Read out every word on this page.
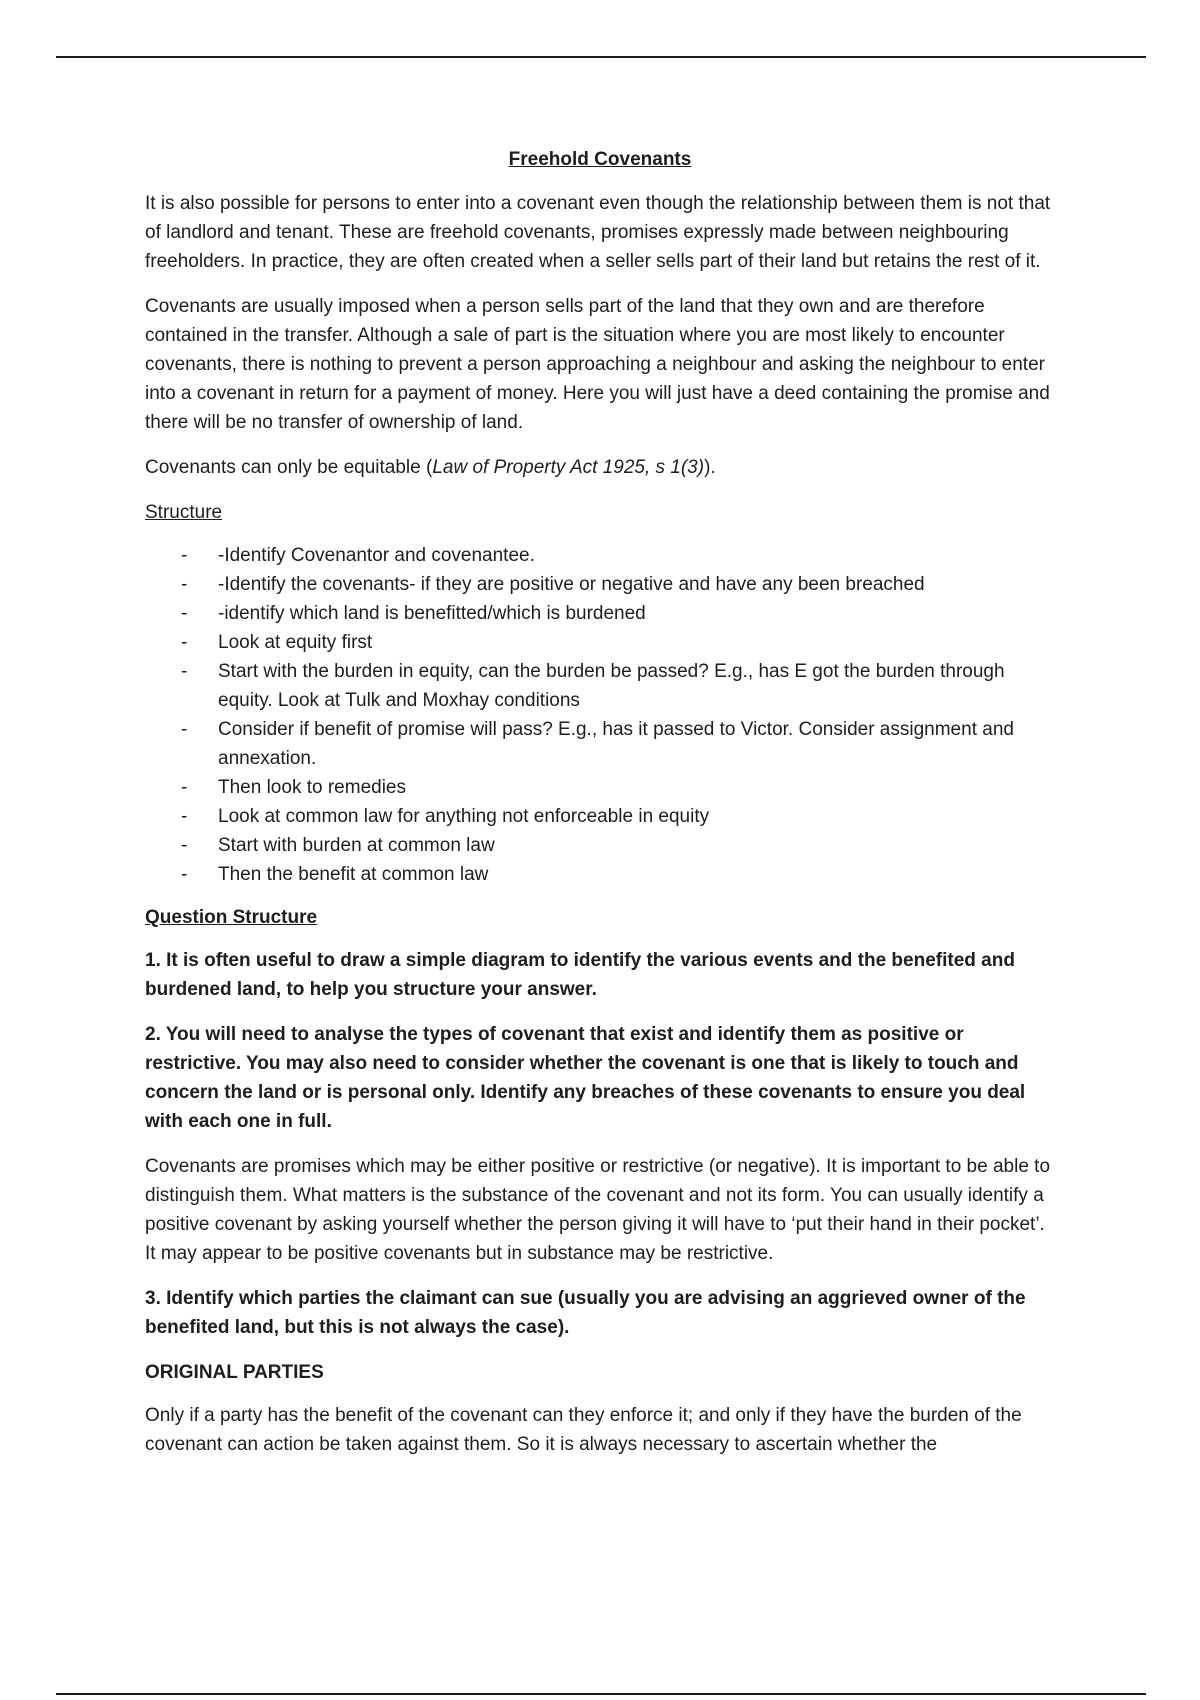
Freehold Covenants

It is also possible for persons to enter into a covenant even though the relationship between them is not that of landlord and tenant. These are freehold covenants, promises expressly made between neighbouring freeholders. In practice, they are often created when a seller sells part of their land but retains the rest of it.

Covenants are usually imposed when a person sells part of the land that they own and are therefore contained in the transfer. Although a sale of part is the situation where you are most likely to encounter covenants, there is nothing to prevent a person approaching a neighbour and asking the neighbour to enter into a covenant in return for a payment of money. Here you will just have a deed containing the promise and there will be no transfer of ownership of land.

Covenants can only be equitable (Law of Property Act 1925, s 1(3)).

Structure
- -Identify Covenantor and covenantee.
- -Identify the covenants- if they are positive or negative and have any been breached
- -identify which land is benefitted/which is burdened
- Look at equity first
- Start with the burden in equity, can the burden be passed? E.g., has E got the burden through equity. Look at Tulk and Moxhay conditions
- Consider if benefit of promise will pass? E.g., has it passed to Victor. Consider assignment and annexation.
- Then look to remedies
- Look at common law for anything not enforceable in equity
- Start with burden at common law
- Then the benefit at common law
Question Structure

1. It is often useful to draw a simple diagram to identify the various events and the benefited and burdened land, to help you structure your answer.

2. You will need to analyse the types of covenant that exist and identify them as positive or restrictive. You may also need to consider whether the covenant is one that is likely to touch and concern the land or is personal only. Identify any breaches of these covenants to ensure you deal with each one in full.

Covenants are promises which may be either positive or restrictive (or negative). It is important to be able to distinguish them. What matters is the substance of the covenant and not its form. You can usually identify a positive covenant by asking yourself whether the person giving it will have to ‘put their hand in their pocket’. It may appear to be positive covenants but in substance may be restrictive.

3. Identify which parties the claimant can sue (usually you are advising an aggrieved owner of the benefited land, but this is not always the case).

ORIGINAL PARTIES

Only if a party has the benefit of the covenant can they enforce it; and only if they have the burden of the covenant can action be taken against them. So it is always necessary to ascertain whether the
